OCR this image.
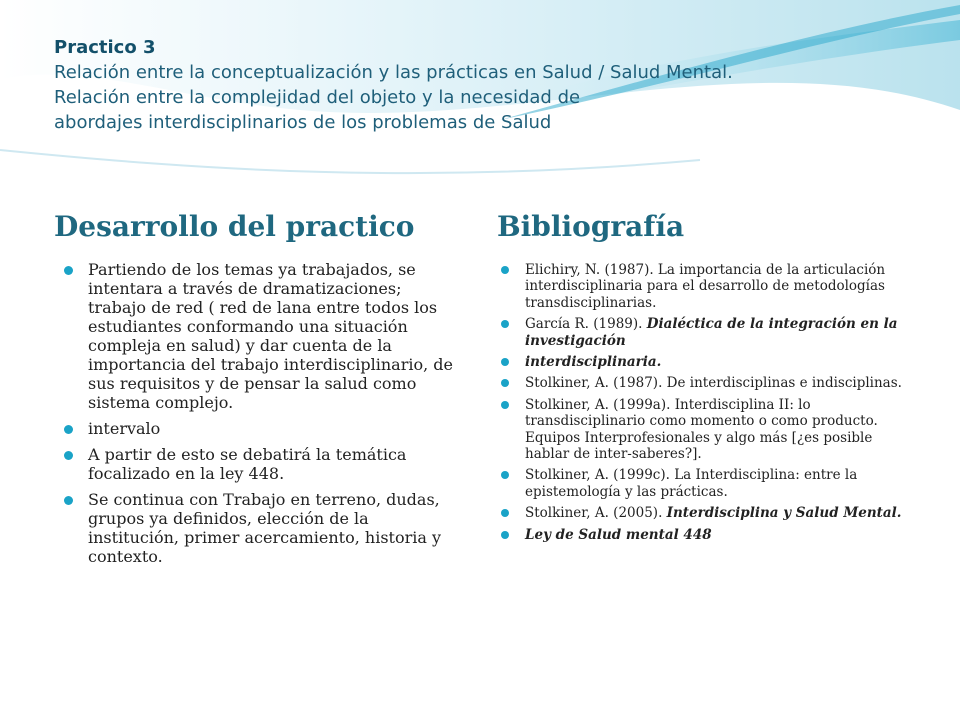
Practico 3
Relación entre la conceptualización y las prácticas en Salud / Salud Mental.
Relación entre la complejidad del objeto y la necesidad de
abordajes interdisciplinarios de los problemas de Salud
Desarrollo del practico	Bibliografía
Partiendo de los temas ya trabajados, se intentara a través de dramatizaciones; trabajo de red ( red de lana entre todos los estudiantes conformando una situación compleja en salud) y dar cuenta de la importancia del trabajo interdisciplinario, de sus requisitos y de pensar la salud como sistema complejo.
intervalo
A partir de esto se debatirá la temática focalizado en la ley 448.
Se continua con Trabajo en terreno, dudas, grupos ya definidos, elección de la institución, primer acercamiento, historia y contexto.
Elichiry, N. (1987). La importancia de la articulación interdisciplinaria para el desarrollo de metodologías transdisciplinarias.
García R. (1989). Dialéctica de la integración en la investigación
interdisciplinaria.
Stolkiner, A. (1987). De interdisciplinas e indisciplinas.
Stolkiner, A. (1999a). Interdisciplina II: lo transdisciplinario como momento o como producto. Equipos Interprofesionales y algo más [¿es posible hablar de inter-saberes?].
Stolkiner, A. (1999c). La Interdisciplina: entre la epistemología y las prácticas.
Stolkiner, A. (2005). Interdisciplina y Salud Mental.
Ley de Salud mental 448
